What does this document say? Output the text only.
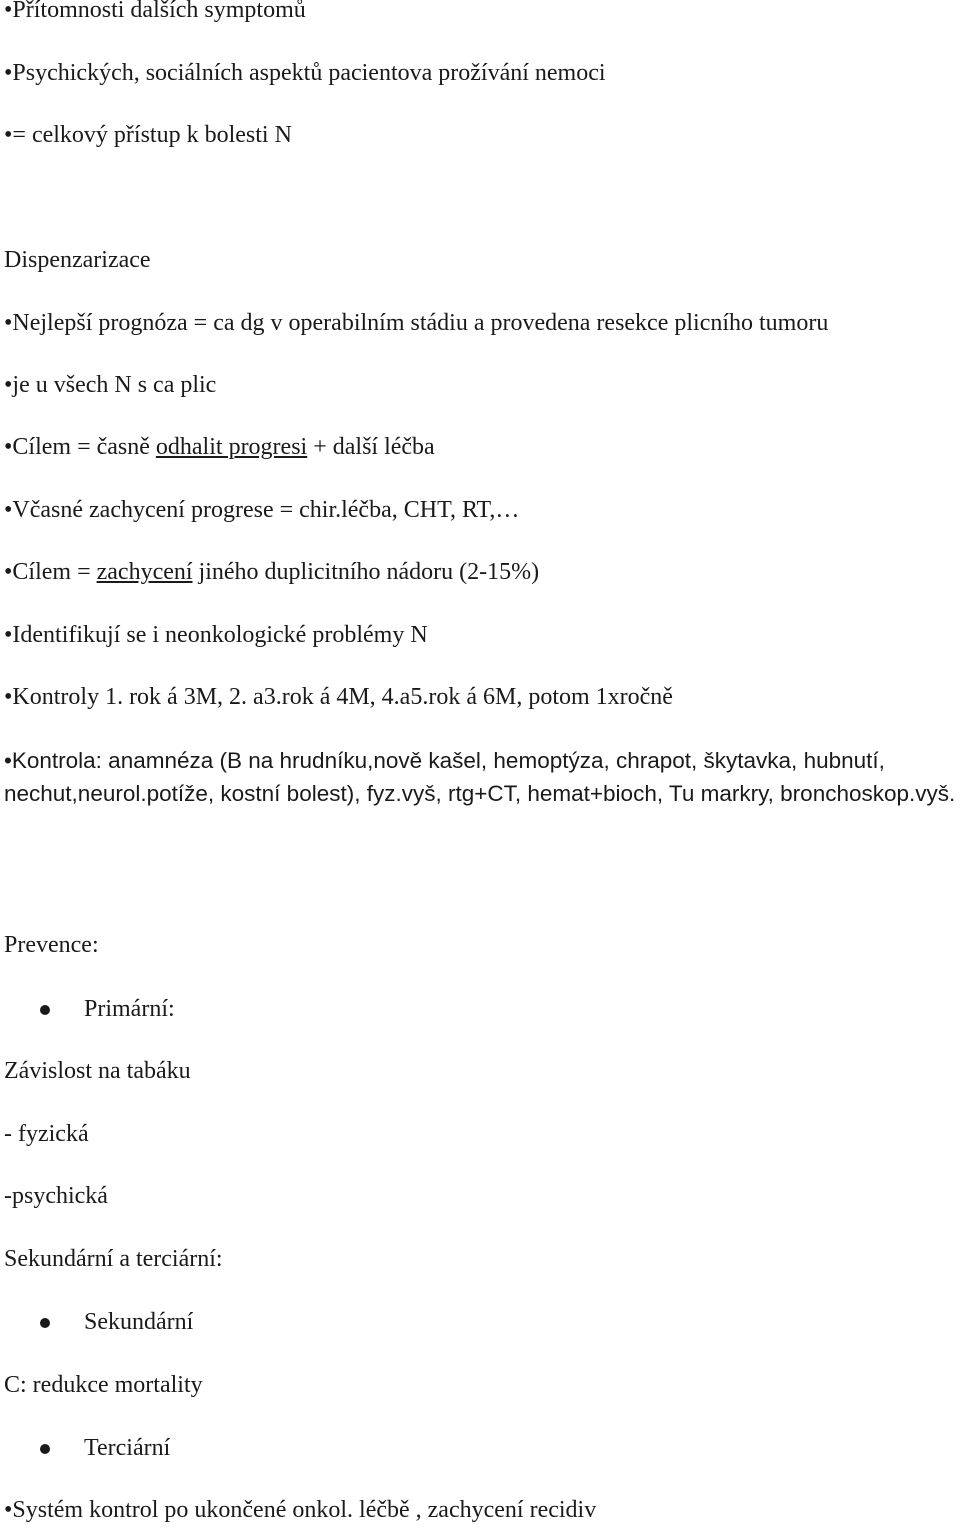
•Přítomnosti dalších symptomů
•Psychických, sociálních aspektů pacientova prožívání nemoci
•= celkový přístup k bolesti N
Dispenzarizace
•Nejlepší prognóza = ca dg v operabilním stádiu a provedena resekce plicního tumoru
•je u všech N s ca plic
•Cílem = časně odhalit progresi + další léčba
•Včasné zachycení progrese = chir.léčba, CHT, RT,…
•Cílem = zachycení jiného duplicitního nádoru (2-15%)
•Identifikují se i neonkologické problémy N
•Kontroly 1. rok á 3M, 2. a3.rok á 4M, 4.a5.rok á 6M, potom 1xročně
•Kontrola: anamnéza (B na hrudníku,nově kašel, hemoptýza, chrapot, škytavka, hubnutí, nechut,neurol.potíže, kostní bolest), fyz.vyš, rtg+CT, hemat+bioch, Tu markry, bronchoskop.vyš.
Prevence:
Primární:
Závislost na tabáku
- fyzická
-psychická
Sekundární a terciární:
Sekundární
C: redukce mortality
Terciární
•Systém kontrol po ukončené onkol. léčbě , zachycení recidiv
